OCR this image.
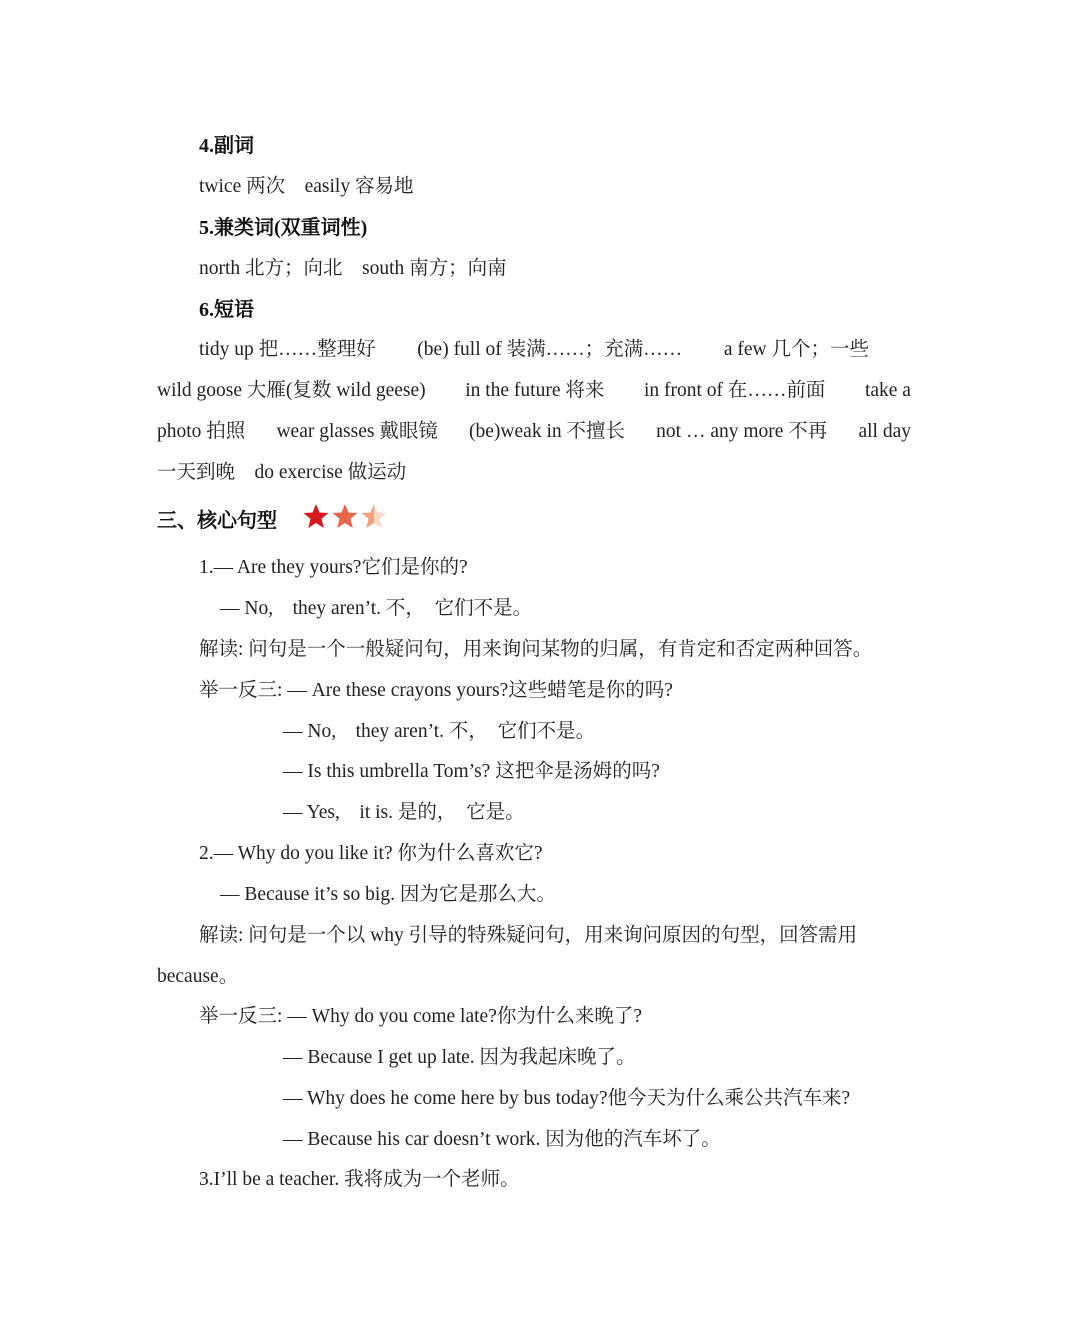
4.副词
twice 两次　easily 容易地
5.兼类词(双重词性)
north 北方；向北　south 南方；向南
6.短语
tidy up 把……整理好 (be) full of 装满……；充满…… a few 几个；一些
wild goose 大雁(复数 wild geese) in the future 将来 in front of 在……前面 take a
photo 拍照 wear glasses 戴眼镜 (be)weak in 不擅长 not … any more 不再 all day
一天到晚　do exercise 做运动
三、核心句型
1.— Are they yours?它们是你的?
— No,　they aren’t. 不，　它们不是。
解读: 问句是一个一般疑问句，用来询问某物的归属，有肯定和否定两种回答。
举一反三: — Are these crayons yours?这些蜡笔是你的吗?
— No,　they aren’t. 不，　它们不是。
— Is this umbrella Tom’s? 这把伞是汤姆的吗?
— Yes,　it is. 是的，　它是。
2.— Why do you like it? 你为什么喜欢它?
— Because it’s so big. 因为它是那么大。
解读: 问句是一个以 why 引导的特殊疑问句，用来询问原因的句型，回答需用
because。
举一反三: — Why do you come late?你为什么来晚了?
— Because I get up late. 因为我起床晚了。
— Why does he come here by bus today?他今天为什么乘公共汽车来?
— Because his car doesn’t work. 因为他的汽车坏了。
3.I’ll be a teacher. 我将成为一个老师。
